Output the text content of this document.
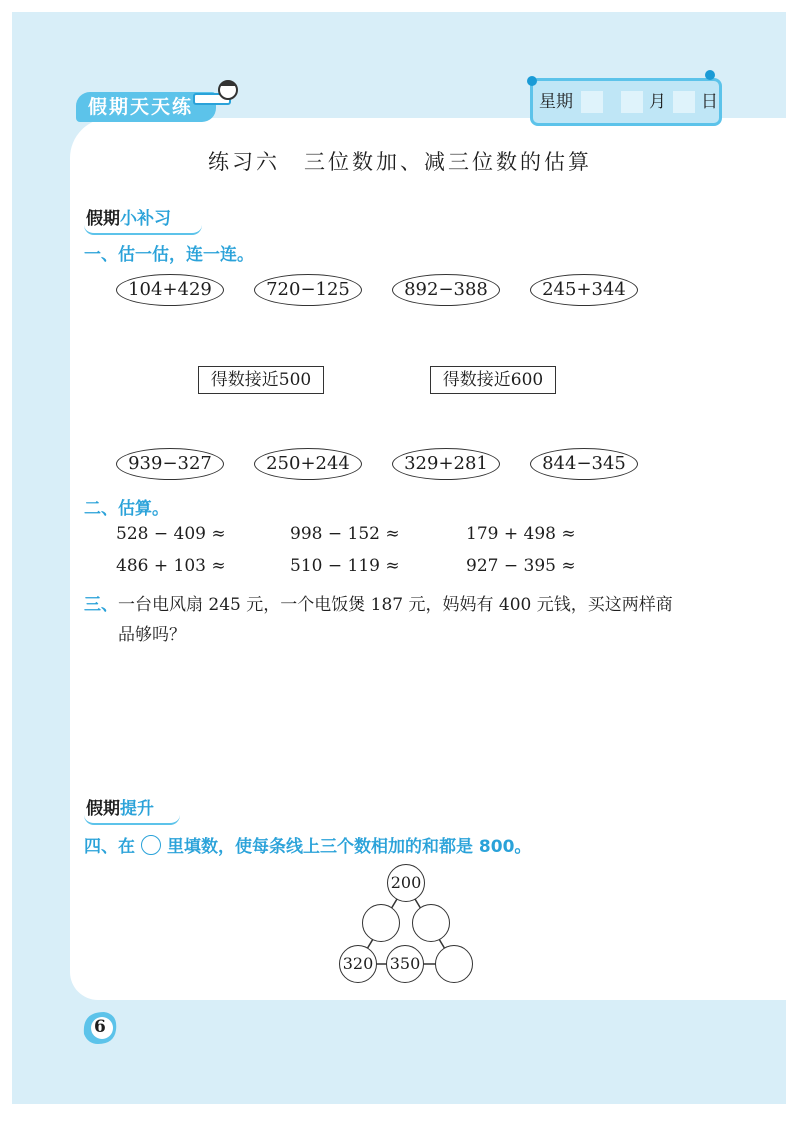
假期天天练	星期	月 日
练习六　三位数加、减三位数的估算
假期小补习
一、估一估，连一连。
104+429	720−125	892−388	245+344
得数接近500	得数接近600
939−327	250+244	329+281	844−345
二、估算。
528 − 409 ≈	998 − 152 ≈	179 + 498 ≈
486 + 103 ≈	510 − 119 ≈	927 − 395 ≈
三、一台电风扇 245 元，一个电饭煲 187 元，妈妈有 400 元钱，买这两样商
品够吗？
假期提升
四、在 里填数，使每条线上三个数相加的和都是 800。
200
320 350
6
